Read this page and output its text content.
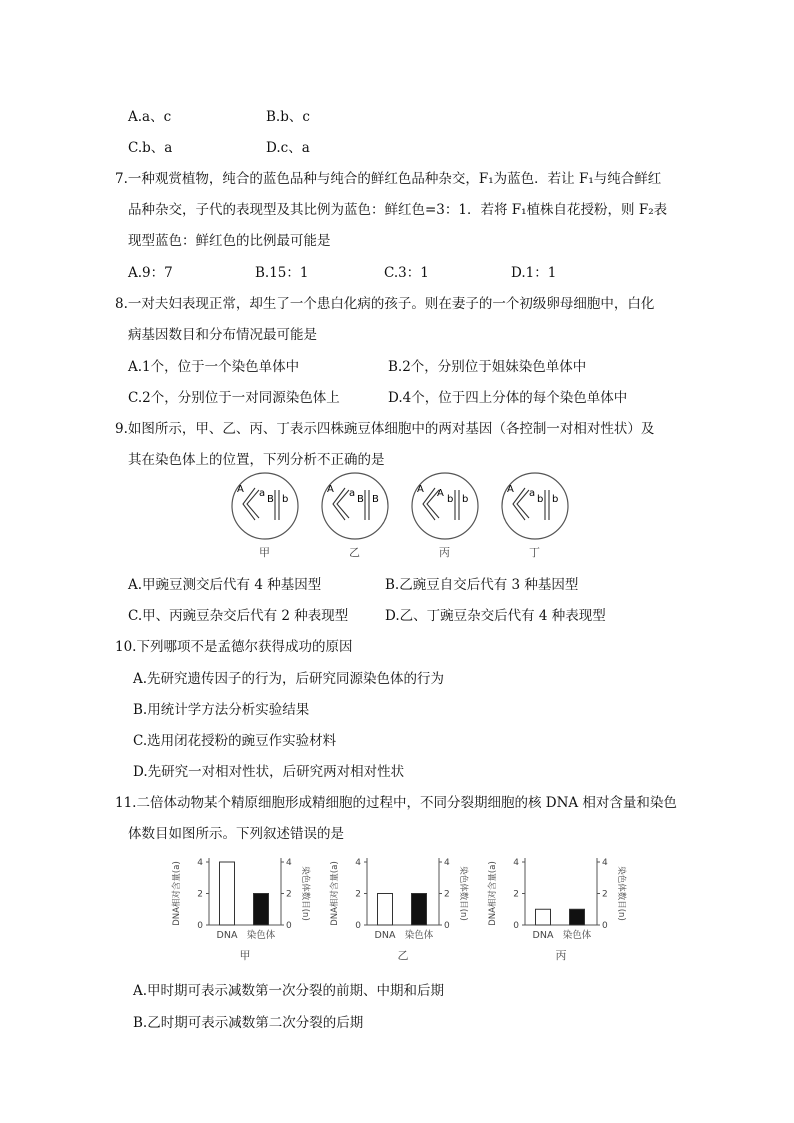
A.a、c	B.b、c
C.b、a	D.c、a
7.一种观赏植物，纯合的蓝色品种与纯合的鲜红色品种杂交，F₁为蓝色．若让 F₁与纯合鲜红
品种杂交，子代的表现型及其比例为蓝色：鲜红色=3：1．若将 F₁植株自花授粉，则 F₂表
现型蓝色：鲜红色的比例最可能是
A.9：7	B.15：1	C.3：1	D.1：1
8.一对夫妇表现正常，却生了一个患白化病的孩子。则在妻子的一个初级卵母细胞中，白化
病基因数目和分布情况最可能是
A.1个，位于一个染色单体中	B.2个，分别位于姐妹染色单体中
C.2个，分别位于一对同源染色体上	D.4个，位于四上分体的每个染色单体中
9.如图所示，甲、乙、丙、丁表示四株豌豆体细胞中的两对基因（各控制一对相对性状）及
其在染色体上的位置，下列分析不正确的是
A a
B b
甲
A a
B B
乙
A A
b b
丙
A a
b b
丁
A.甲豌豆测交后代有 4 种基因型	B.乙豌豆自交后代有 3 种基因型
C.甲、丙豌豆杂交后代有 2 种表现型	D.乙、丁豌豆杂交后代有 4 种表现型
10.下列哪项不是孟德尔获得成功的原因
A.先研究遗传因子的行为，后研究同源染色体的行为
B.用统计学方法分析实验结果
C.选用闭花授粉的豌豆作实验材料
D.先研究一对相对性状，后研究两对相对性状
11.二倍体动物某个精原细胞形成精细胞的过程中，不同分裂期细胞的核 DNA 相对含量和染色
体数目如图所示。下列叙述错误的是
DNA相对含量(a)	染色体数目(n)
0	0
2	2
4	4
DNA 染色体
甲
DNA相对含量(a)	染色体数目(n)
0	0
2	2
4	4
DNA 染色体
乙
DNA相对含量(a)	染色体数目(n)
0	0
2	2
4	4
DNA 染色体
丙
A.甲时期可表示减数第一次分裂的前期、中期和后期
B.乙时期可表示减数第二次分裂的后期
